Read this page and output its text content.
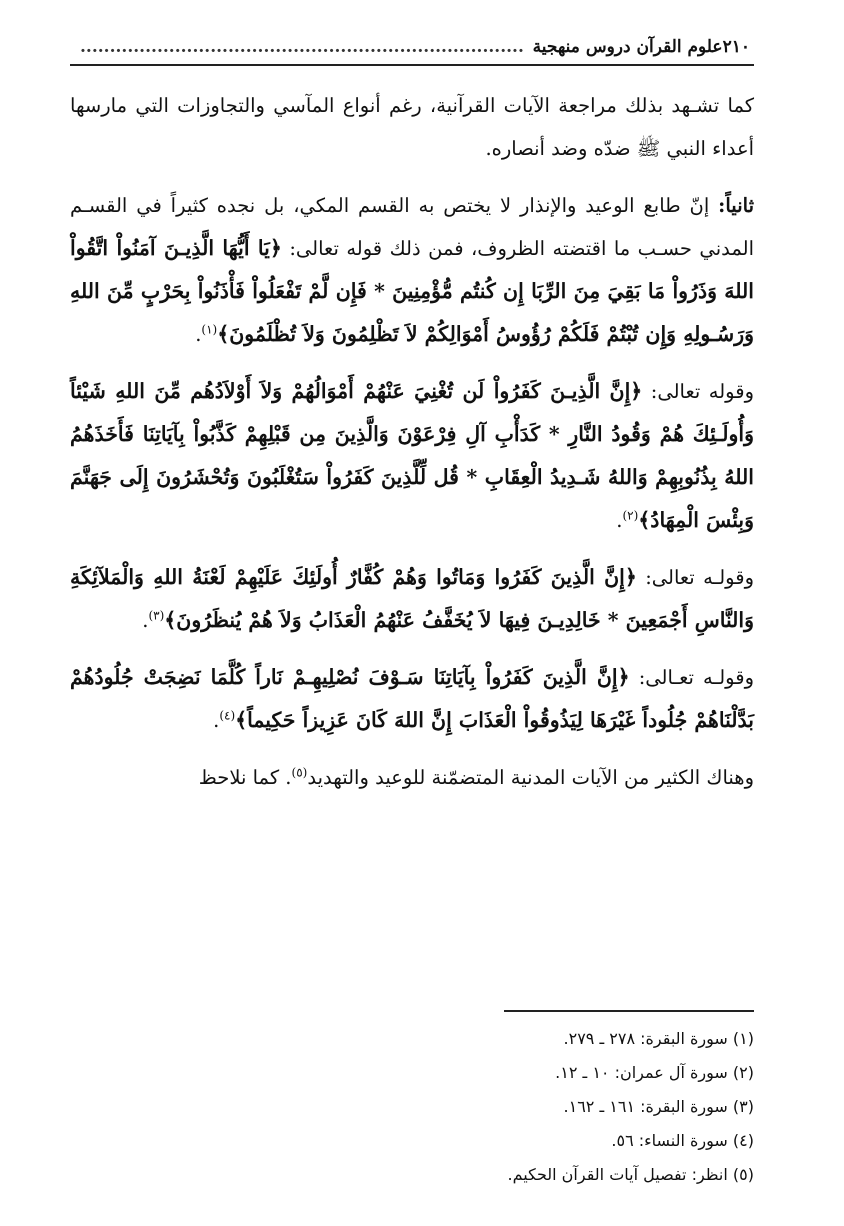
٢١٠
علوم القرآن دروس منهجية
...........................................................................

كما تشـهد بذلك مراجعة الآيات القرآنية، رغم أنواع المآسي والتجاوزات التي مارسها أعداء النبي ﷺ ضدّه وضد أنصاره.

ثانياً: إنّ طابع الوعيد والإنذار لا يختص به القسم المكي، بل نجده كثيراً في القسـم المدني حسـب ما اقتضته الظروف، فمن ذلك قوله تعالى: ﴿يَا أَيُّهَا الَّذِيـنَ آمَنُواْ اتَّقُواْ اللهَ وَذَرُواْ مَا بَقِيَ مِنَ الرِّبَا إِن كُنتُم مُّؤْمِنِينَ * فَإِن لَّمْ تَفْعَلُواْ فَأْذَنُواْ بِحَرْبٍ مِّنَ اللهِ وَرَسُـولِهِ وَإِن تُبْتُمْ فَلَكُمْ رُؤُوسُ أَمْوَالِكُمْ لاَ تَظْلِمُونَ وَلاَ تُظْلَمُونَ﴾$^{(١)}$.

وقوله تعالى: ﴿إِنَّ الَّذِيـنَ كَفَرُواْ لَن تُغْنِيَ عَنْهُمْ أَمْوَالُهُمْ وَلاَ أَوْلاَدُهُم مِّنَ اللهِ شَيْئاً وَأُولَـئِكَ هُمْ وَقُودُ النَّارِ * كَدَأْبِ آلِ فِرْعَوْنَ وَالَّذِينَ مِن قَبْلِهِمْ كَذَّبُواْ بِآيَاتِنَا فَأَخَذَهُمُ اللهُ بِذُنُوبِهِمْ وَاللهُ شَـدِيدُ الْعِقَابِ * قُل لِّلَّذِينَ كَفَرُواْ سَتُغْلَبُونَ وَتُحْشَرُونَ إِلَى جَهَنَّمَ وَبِئْسَ الْمِهَادُ﴾$^{(٢)}$.

وقولـه تعالى: ﴿إِنَّ الَّذِينَ كَفَرُوا وَمَاتُوا وَهُمْ كُفَّارٌ أُولَئِكَ عَلَيْهِمْ لَعْنَةُ اللهِ وَالْمَلآئِكَةِ وَالنَّاسِ أَجْمَعِينَ * خَالِدِيـنَ فِيهَا لاَ يُخَفَّفُ عَنْهُمُ الْعَذَابُ وَلاَ هُمْ يُنظَرُونَ﴾$^{(٣)}$.

وقولـه تعـالى: ﴿إِنَّ الَّذِينَ كَفَرُواْ بِآيَاتِنَا سَـوْفَ نُصْلِيهِـمْ نَاراً كُلَّمَا نَضِجَتْ جُلُودُهُمْ بَدَّلْنَاهُمْ جُلُوداً غَيْرَهَا لِيَذُوقُواْ الْعَذَابَ إِنَّ اللهَ كَانَ عَزِيزاً حَكِيماً﴾$^{(٤)}$.

وهناك الكثير من الآيات المدنية المتضمّنة للوعيد والتهديد$^{(٥)}$. كما نلاحظ

(١) سورة البقرة: ٢٧٨ ـ ٢٧٩.
(٢) سورة آل عمران: ١٠ ـ ١٢.
(٣) سورة البقرة: ١٦١ ـ ١٦٢.
(٤) سورة النساء: ٥٦.
(٥) انظر: تفصيل آيات القرآن الحكيم.
